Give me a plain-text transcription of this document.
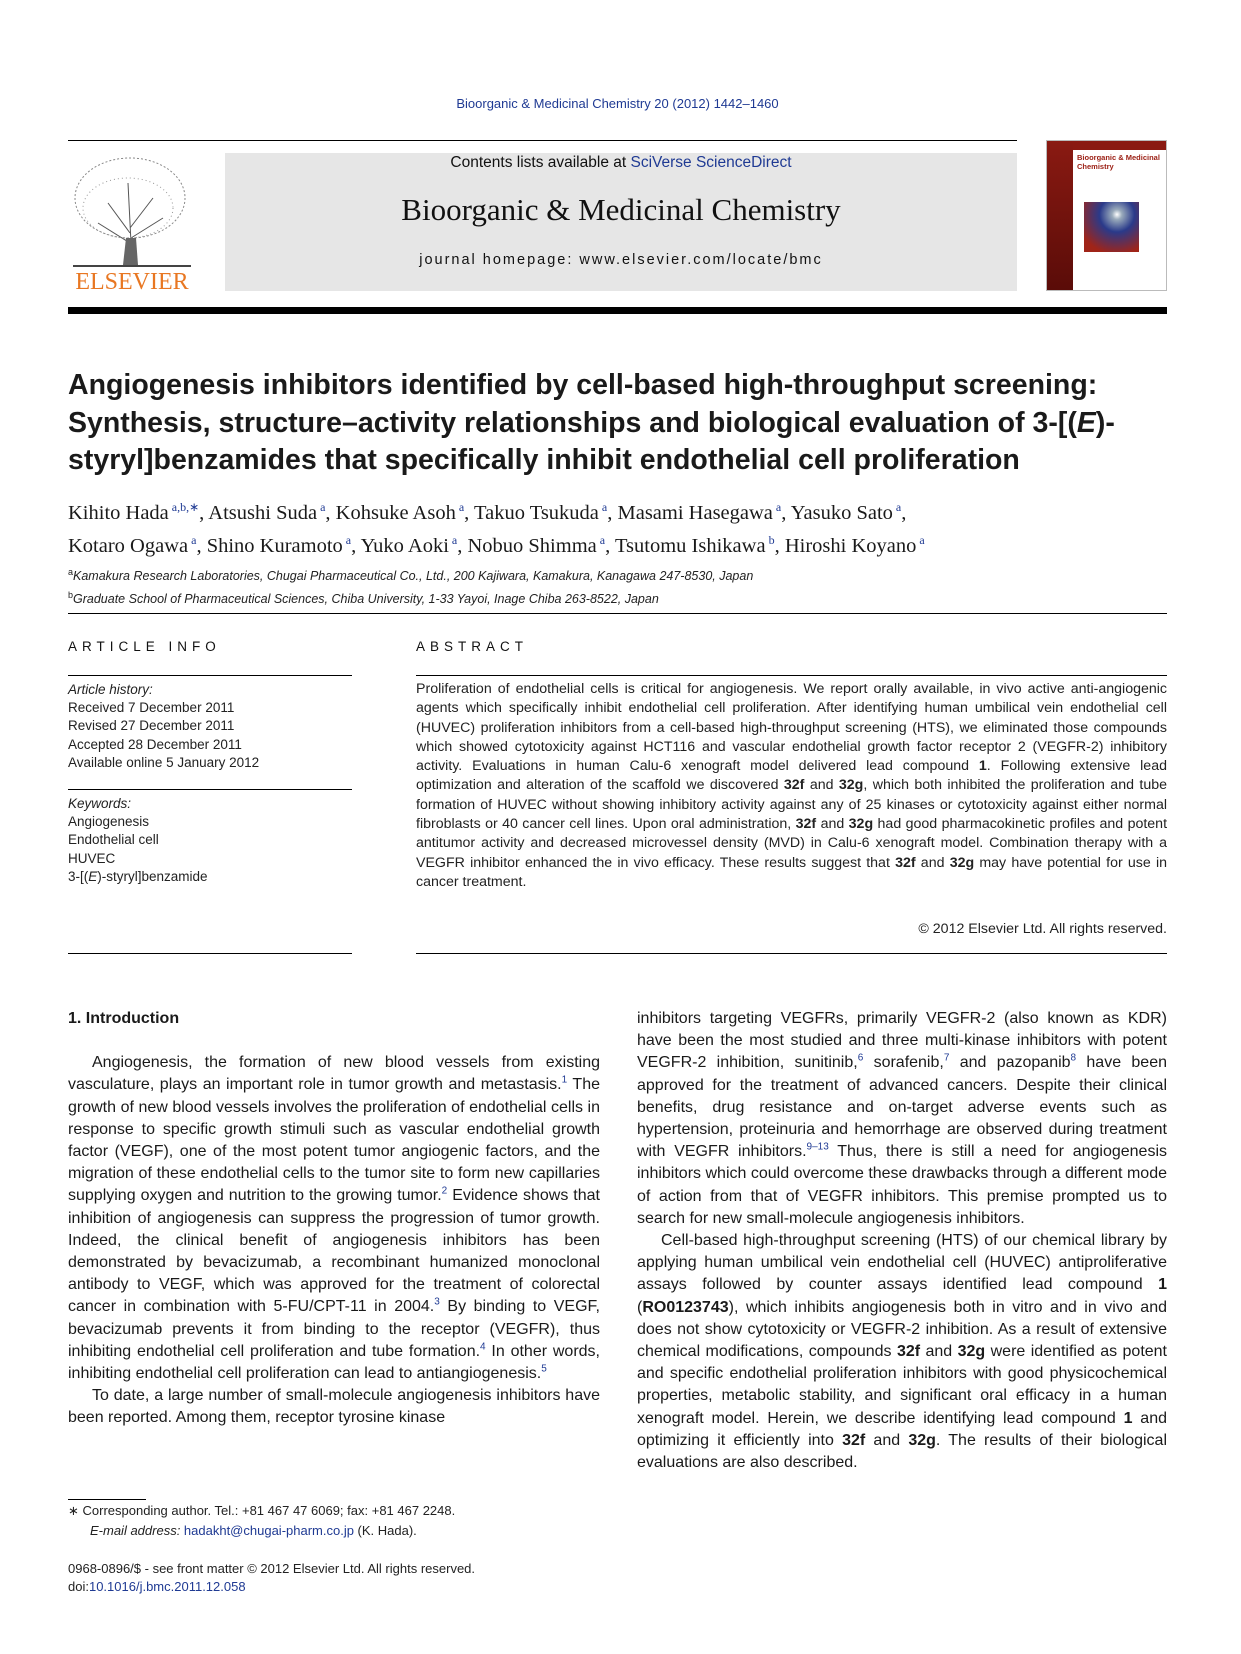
Bioorganic & Medicinal Chemistry 20 (2012) 1442–1460
ELSEVIER
Contents lists available at SciVerse ScienceDirect
Bioorganic & Medicinal Chemistry
journal homepage: www.elsevier.com/locate/bmc
Bioorganic & Medicinal Chemistry
Angiogenesis inhibitors identified by cell-based high-throughput screening: Synthesis, structure–activity relationships and biological evaluation of 3-[(E)-styryl]benzamides that specifically inhibit endothelial cell proliferation
Kihito Hada $^{a,b,∗}$, Atsushi Suda $^a$, Kohsuke Asoh $^a$, Takuo Tsukuda $^a$, Masami Hasegawa $^a$, Yasuko Sato $^a$,
Kotaro Ogawa $^a$, Shino Kuramoto $^a$, Yuko Aoki $^a$, Nobuo Shimma $^a$, Tsutomu Ishikawa $^b$, Hiroshi Koyano $^a$
$^a$Kamakura Research Laboratories, Chugai Pharmaceutical Co., Ltd., 200 Kajiwara, Kamakura, Kanagawa 247-8530, Japan
$^b$Graduate School of Pharmaceutical Sciences, Chiba University, 1-33 Yayoi, Inage Chiba 263-8522, Japan
ARTICLE INFO
Article history:
Received 7 December 2011
Revised 27 December 2011
Accepted 28 December 2011
Available online 5 January 2012
Keywords:
Angiogenesis
Endothelial cell
HUVEC
3-[(E)-styryl]benzamide
ABSTRACT
Proliferation of endothelial cells is critical for angiogenesis. We report orally available, in vivo active anti-angiogenic agents which specifically inhibit endothelial cell proliferation. After identifying human umbilical vein endothelial cell (HUVEC) proliferation inhibitors from a cell-based high-throughput screening (HTS), we eliminated those compounds which showed cytotoxicity against HCT116 and vascular endothelial growth factor receptor 2 (VEGFR-2) inhibitory activity. Evaluations in human Calu-6 xenograft model delivered lead compound 1. Following extensive lead optimization and alteration of the scaffold we discovered 32f and 32g, which both inhibited the proliferation and tube formation of HUVEC without showing inhibitory activity against any of 25 kinases or cytotoxicity against either normal fibroblasts or 40 cancer cell lines. Upon oral administration, 32f and 32g had good pharmacokinetic profiles and potent antitumor activity and decreased microvessel density (MVD) in Calu-6 xenograft model. Combination therapy with a VEGFR inhibitor enhanced the in vivo efficacy. These results suggest that 32f and 32g may have potential for use in cancer treatment.
© 2012 Elsevier Ltd. All rights reserved.
1. Introduction

Angiogenesis, the formation of new blood vessels from existing vasculature, plays an important role in tumor growth and metastasis.$^1$ The growth of new blood vessels involves the proliferation of endothelial cells in response to specific growth stimuli such as vascular endothelial growth factor (VEGF), one of the most potent tumor angiogenic factors, and the migration of these endothelial cells to the tumor site to form new capillaries supplying oxygen and nutrition to the growing tumor.$^2$ Evidence shows that inhibition of angiogenesis can suppress the progression of tumor growth. Indeed, the clinical benefit of angiogenesis inhibitors has been demonstrated by bevacizumab, a recombinant humanized monoclonal antibody to VEGF, which was approved for the treatment of colorectal cancer in combination with 5-FU/CPT-11 in 2004.$^3$ By binding to VEGF, bevacizumab prevents it from binding to the receptor (VEGFR), thus inhibiting endothelial cell proliferation and tube formation.$^4$ In other words, inhibiting endothelial cell proliferation can lead to antiangiogenesis.$^5$

To date, a large number of small-molecule angiogenesis inhibitors have been reported. Among them, receptor tyrosine kinase

inhibitors targeting VEGFRs, primarily VEGFR-2 (also known as KDR) have been the most studied and three multi-kinase inhibitors with potent VEGFR-2 inhibition, sunitinib,$^6$ sorafenib,$^7$ and pazopanib$^8$ have been approved for the treatment of advanced cancers. Despite their clinical benefits, drug resistance and on-target adverse events such as hypertension, proteinuria and hemorrhage are observed during treatment with VEGFR inhibitors.$^{9-13}$ Thus, there is still a need for angiogenesis inhibitors which could overcome these drawbacks through a different mode of action from that of VEGFR inhibitors. This premise prompted us to search for new small-molecule angiogenesis inhibitors.

Cell-based high-throughput screening (HTS) of our chemical library by applying human umbilical vein endothelial cell (HUVEC) antiproliferative assays followed by counter assays identified lead compound 1 (RO0123743), which inhibits angiogenesis both in vitro and in vivo and does not show cytotoxicity or VEGFR-2 inhibition. As a result of extensive chemical modifications, compounds 32f and 32g were identified as potent and specific endothelial proliferation inhibitors with good physicochemical properties, metabolic stability, and significant oral efficacy in a human xenograft model. Herein, we describe identifying lead compound 1 and optimizing it efficiently into 32f and 32g. The results of their biological evaluations are also described.

∗ Corresponding author. Tel.: +81 467 47 6069; fax: +81 467 2248.
E-mail address: hadakht@chugai-pharm.co.jp (K. Hada).
0968-0896/$ - see front matter © 2012 Elsevier Ltd. All rights reserved.
doi:10.1016/j.bmc.2011.12.058
